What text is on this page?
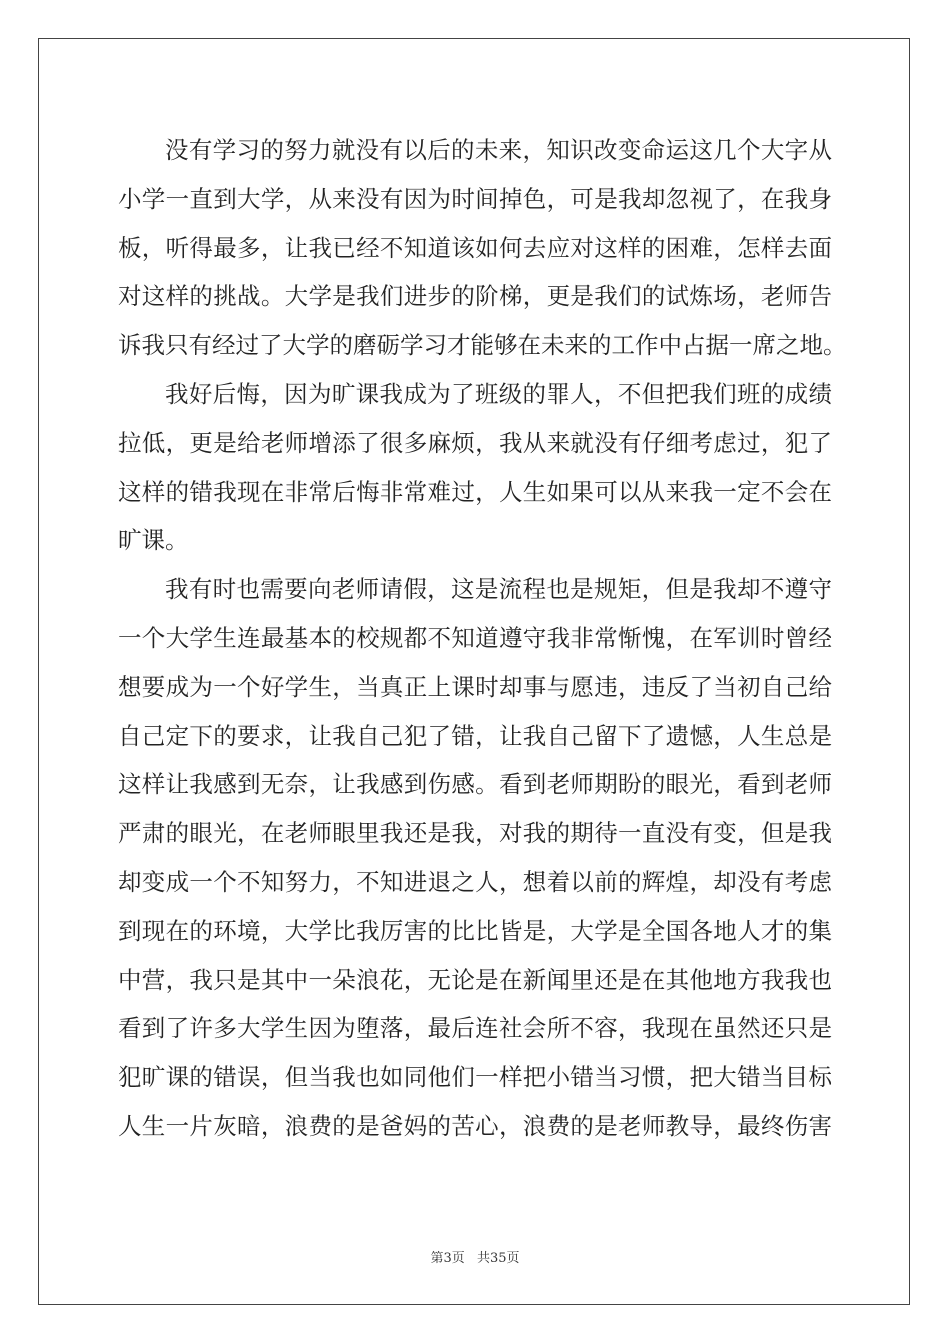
没有学习的努力就没有以后的未来，知识改变命运这几个大字从
小学一直到大学，从来没有因为时间掉色，可是我却忽视了，在我身
板，听得最多，让我已经不知道该如何去应对这样的困难，怎样去面
对这样的挑战。大学是我们进步的阶梯，更是我们的试炼场，老师告
诉我只有经过了大学的磨砺学习才能够在未来的工作中占据一席之地。
我好后悔，因为旷课我成为了班级的罪人，不但把我们班的成绩
拉低，更是给老师增添了很多麻烦，我从来就没有仔细考虑过，犯了
这样的错我现在非常后悔非常难过，人生如果可以从来我一定不会在
旷课。
我有时也需要向老师请假，这是流程也是规矩，但是我却不遵守
一个大学生连最基本的校规都不知道遵守我非常惭愧，在军训时曾经
想要成为一个好学生，当真正上课时却事与愿违，违反了当初自己给
自己定下的要求，让我自己犯了错，让我自己留下了遗憾，人生总是
这样让我感到无奈，让我感到伤感。看到老师期盼的眼光，看到老师
严肃的眼光，在老师眼里我还是我，对我的期待一直没有变，但是我
却变成一个不知努力，不知进退之人，想着以前的辉煌，却没有考虑
到现在的环境，大学比我厉害的比比皆是，大学是全国各地人才的集
中营，我只是其中一朵浪花，无论是在新闻里还是在其他地方我我也
看到了许多大学生因为堕落，最后连社会所不容，我现在虽然还只是
犯旷课的错误，但当我也如同他们一样把小错当习惯，把大错当目标
人生一片灰暗，浪费的是爸妈的苦心，浪费的是老师教导，最终伤害
第3页 共35页
